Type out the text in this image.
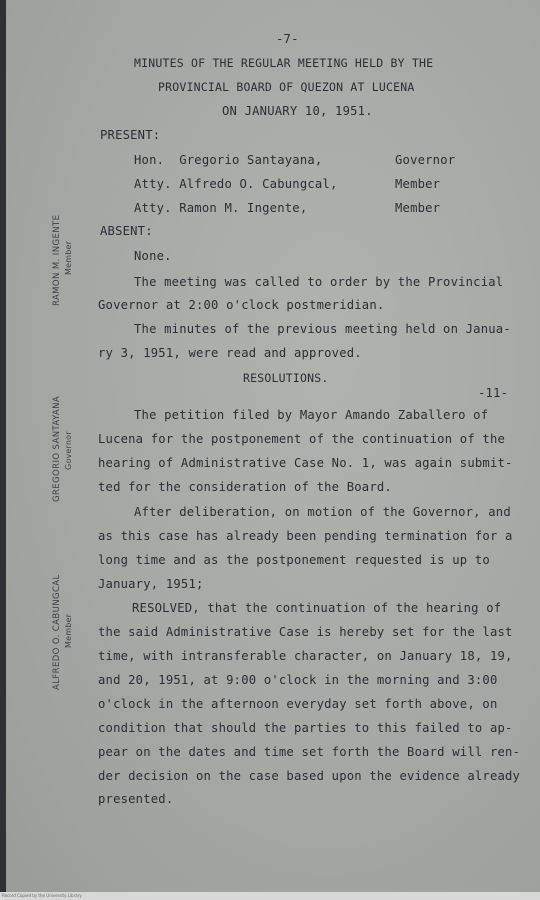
-7-
MINUTES OF THE REGULAR MEETING HELD BY THE
PROVINCIAL BOARD OF QUEZON AT LUCENA
ON JANUARY 10, 1951.
PRESENT:
Hon.  Gregorio Santayana,	Governor
Atty. Alfredo O. Cabungcal,	Member
Atty. Ramon M. Ingente,	Member
ABSENT:
None.
The meeting was called to order by the Provincial
Governor at 2:00 o'clock postmeridian.
The minutes of the previous meeting held on Janua-
ry 3, 1951, were read and approved.
RESOLUTIONS.
-11-
The petition filed by Mayor Amando Zaballero of
Lucena for the postponement of the continuation of the
hearing of Administrative Case No. 1, was again submit-
ted for the consideration of the Board.
After deliberation, on motion of the Governor, and
as this case has already been pending termination for a
long time and as the postponement requested is up to
January, 1951;
RESOLVED, that the continuation of the hearing of
the said Administrative Case is hereby set for the last
time, with intransferable character, on January 18, 19,
and 20, 1951, at 9:00 o'clock in the morning and 3:00
o'clock in the afternoon everyday set forth above, on
condition that should the parties to this failed to ap-
pear on the dates and time set forth the Board will ren-
der decision on the case based upon the evidence already
presented.
RAMON M. INGENTE Member
GREGORIO SANTAYANA Governor
ALFREDO O. CABUNGCAL Member
Record Copied by the University Library
